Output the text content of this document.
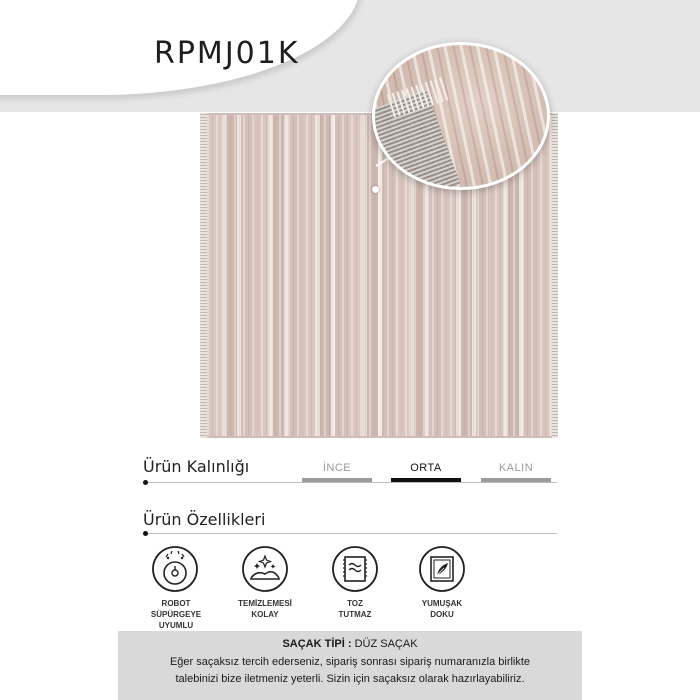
RPMJ01K
Ürün Kalınlığı	İNCE	ORTA	KALIN
Ürün Özellikleri
ROBOT
SÜPÜRGEYE
UYUMLU
TEMİZLEMESİ
KOLAY
TOZ
TUTMAZ
YUMUŞAK
DOKU
SAÇAK TİPİ : DÜZ SAÇAK
Eğer saçaksız tercih ederseniz, sipariş sonrası sipariş numaranızla birlikte
talebinizi bize iletmeniz yeterli. Sizin için saçaksız olarak hazırlayabiliriz.
